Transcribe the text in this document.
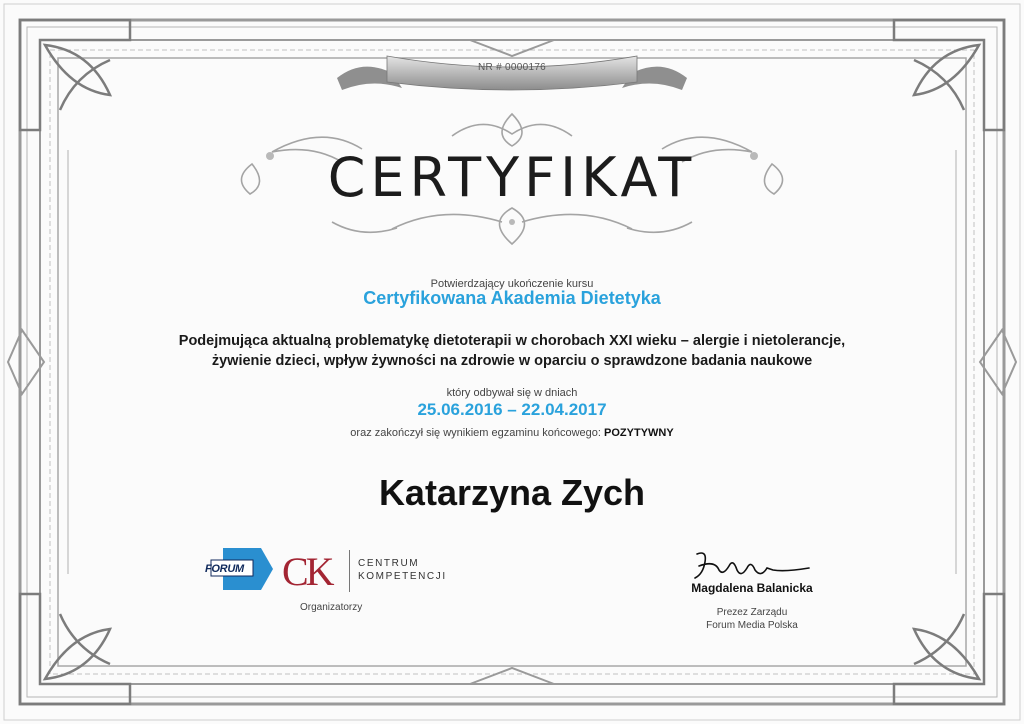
NR # 0000176
CERTYFIKAT
Potwierdzający ukończenie kursu
Certyfikowana Akademia Dietetyka
Podejmująca aktualną problematykę dietoterapii w chorobach XXI wieku – alergie i nietolerancje,
żywienie dzieci, wpływ żywności na zdrowie w oparciu o sprawdzone badania naukowe
który odbywał się w dniach
25.06.2016 – 22.04.2017
oraz zakończył się wynikiem egzaminu końcowego: POZYTYWNY
Katarzyna Zych
FORUM CK	CENTRUM
KOMPETENCJI
Organizatorzy
Magdalena Balanicka
Prezez Zarządu
Forum Media Polska
